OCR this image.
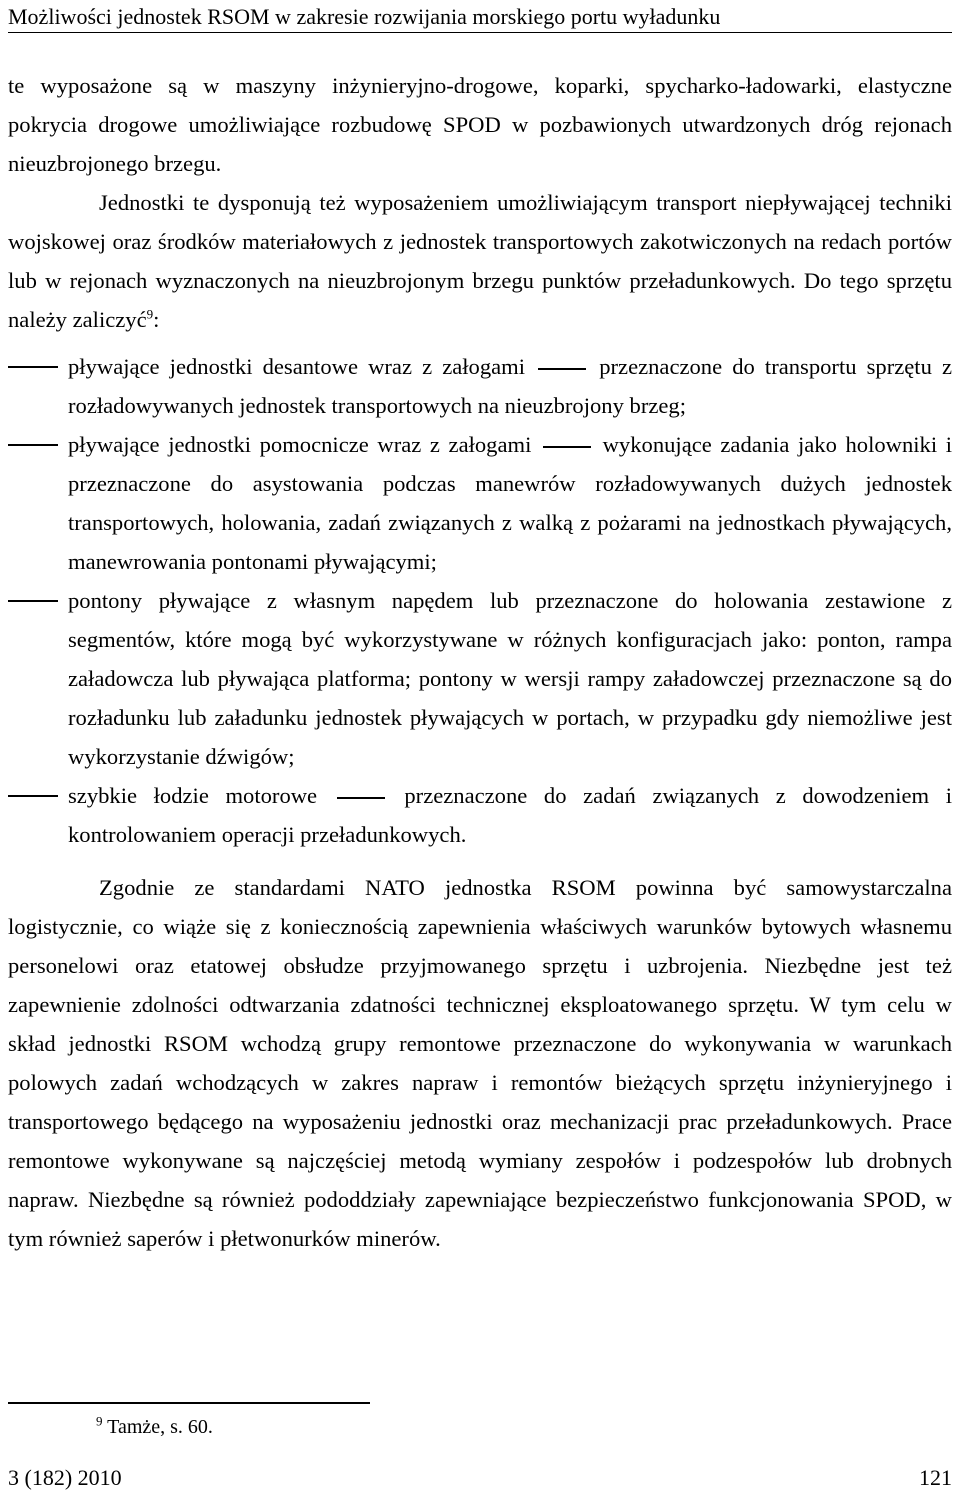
Możliwości jednostek RSOM w zakresie rozwijania morskiego portu wyładunku
te wyposażone są w maszyny inżynieryjno-drogowe, koparki, spycharko-ładowarki, elastyczne pokrycia drogowe umożliwiające rozbudowę SPOD w pozbawionych utwardzonych dróg rejonach nieuzbrojonego brzegu.
Jednostki te dysponują też wyposażeniem umożliwiającym transport niepływającej techniki wojskowej oraz środków materiałowych z jednostek transportowych zakotwiczonych na redach portów lub w rejonach wyznaczonych na nieuzbrojonym brzegu punktów przeładunkowych. Do tego sprzętu należy zaliczyć$^9$:
pływające jednostki desantowe wraz z załogami	przeznaczone do transportu sprzętu z rozładowywanych jednostek transportowych na nieuzbrojony brzeg;
pływające jednostki pomocnicze wraz z załogami	wykonujące zadania jako holowniki i przeznaczone do asystowania podczas manewrów rozładowywanych dużych jednostek transportowych, holowania, zadań związanych z walką z pożarami na jednostkach pływających, manewrowania pontonami pływającymi;
pontony pływające z własnym napędem lub przeznaczone do holowania zestawione z segmentów, które mogą być wykorzystywane w różnych konfiguracjach jako: ponton, rampa załadowcza lub pływająca platforma; pontony w wersji rampy załadowczej przeznaczone są do rozładunku lub załadunku jednostek pływających w portach, w przypadku gdy niemożliwe jest wykorzystanie dźwigów;
szybkie łodzie motorowe	przeznaczone do zadań związanych z dowodzeniem i kontrolowaniem operacji przeładunkowych.
Zgodnie ze standardami NATO jednostka RSOM powinna być samowystarczalna logistycznie, co wiąże się z koniecznością zapewnienia właściwych warunków bytowych własnemu personelowi oraz etatowej obsłudze przyjmowanego sprzętu i uzbrojenia. Niezbędne jest też zapewnienie zdolności odtwarzania zdatności technicznej eksploatowanego sprzętu. W tym celu w skład jednostki RSOM wchodzą grupy remontowe przeznaczone do wykonywania w warunkach polowych zadań wchodzących w zakres napraw i remontów bieżących sprzętu inżynieryjnego i transportowego będącego na wyposażeniu jednostki oraz mechanizacji prac przeładunkowych. Prace remontowe wykonywane są najczęściej metodą wymiany zespołów i podzespołów lub drobnych napraw. Niezbędne są również pododdziały zapewniające bezpieczeństwo funkcjonowania SPOD, w tym również saperów i płetwonurków minerów.
$^9$ Tamże, s. 60.
3 (182) 2010	121
